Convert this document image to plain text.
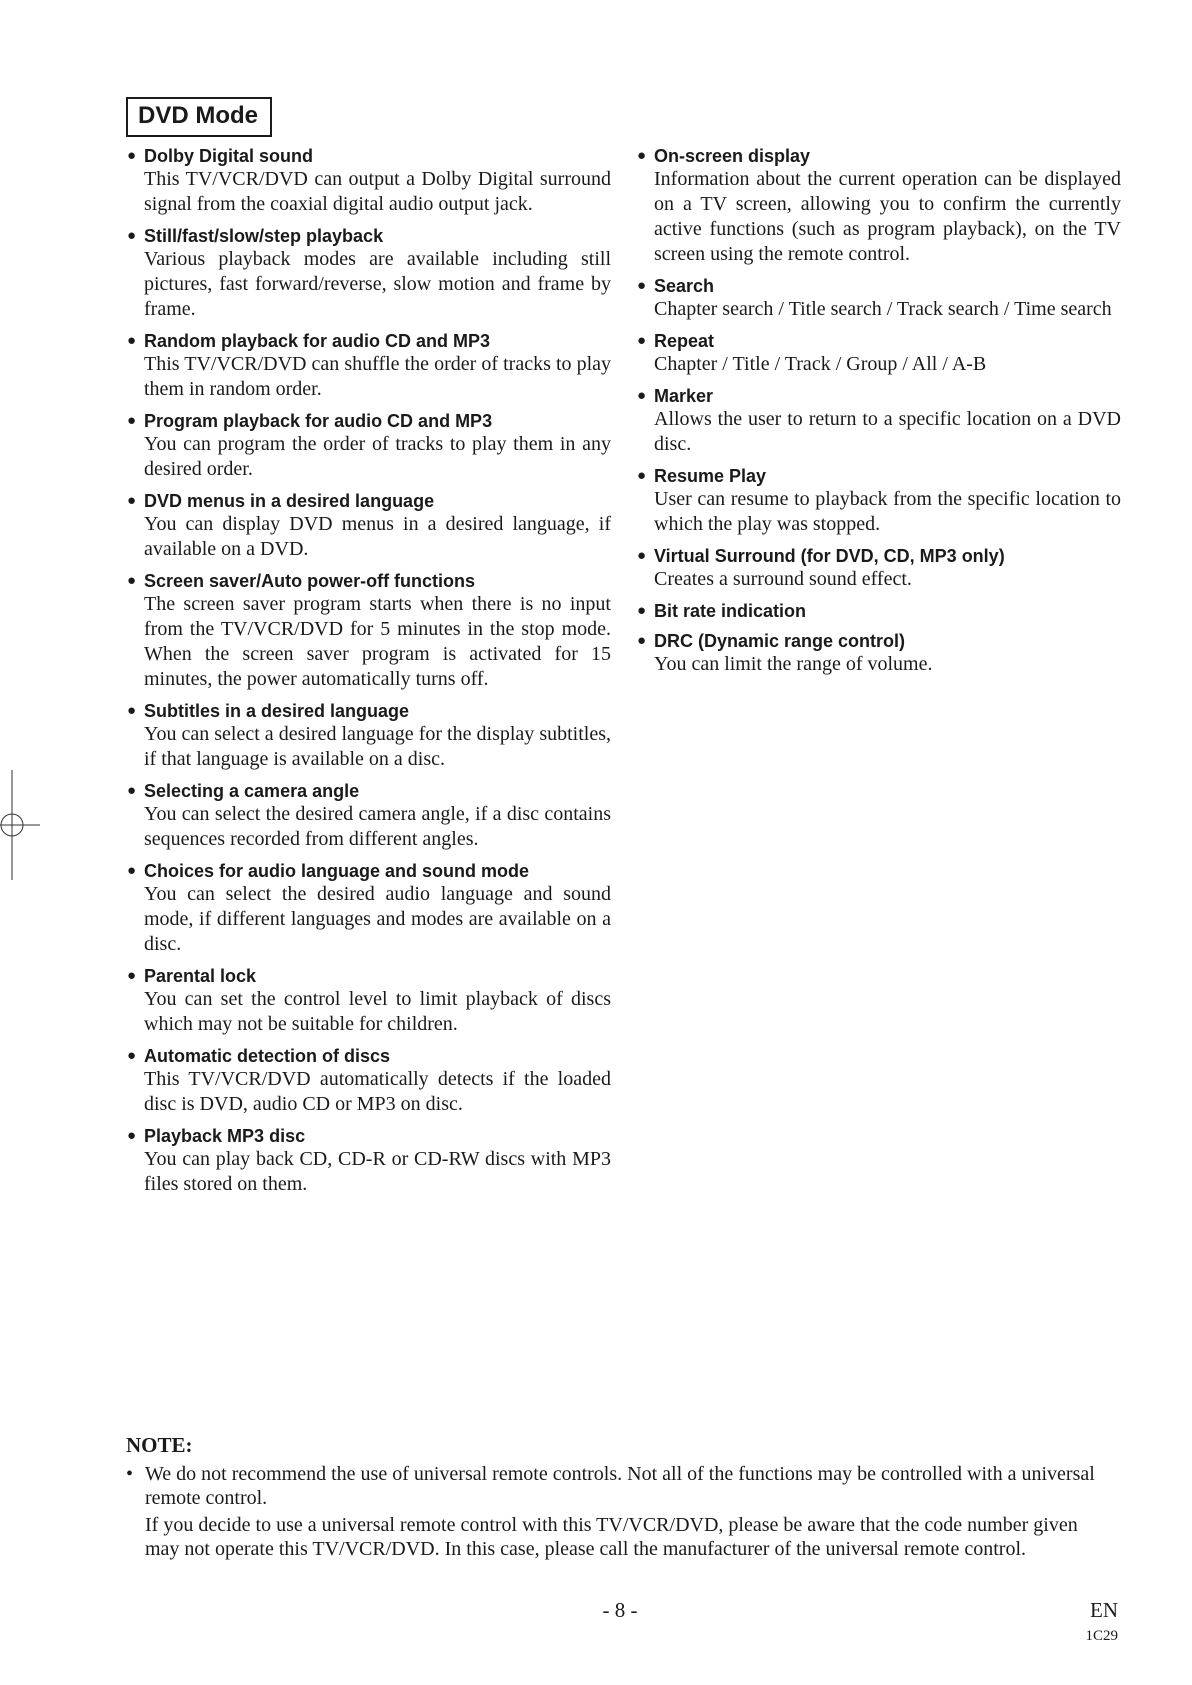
DVD Mode
● Dolby Digital sound
This TV/VCR/DVD can output a Dolby Digital surround signal from the coaxial digital audio output jack.
● Still/fast/slow/step playback
Various playback modes are available including still pictures, fast forward/reverse, slow motion and frame by frame.
● Random playback for audio CD and MP3
This TV/VCR/DVD can shuffle the order of tracks to play them in random order.
● Program playback for audio CD and MP3
You can program the order of tracks to play them in any desired order.
● DVD menus in a desired language
You can display DVD menus in a desired language, if available on a DVD.
● Screen saver/Auto power-off functions
The screen saver program starts when there is no input from the TV/VCR/DVD for 5 minutes in the stop mode. When the screen saver program is activated for 15 minutes, the power automatically turns off.
● Subtitles in a desired language
You can select a desired language for the display subtitles, if that language is available on a disc.
● Selecting a camera angle
You can select the desired camera angle, if a disc contains sequences recorded from different angles.
● Choices for audio language and sound mode
You can select the desired audio language and sound mode, if different languages and modes are available on a disc.
● Parental lock
You can set the control level to limit playback of discs which may not be suitable for children.
● Automatic detection of discs
This TV/VCR/DVD automatically detects if the loaded disc is DVD, audio CD or MP3 on disc.
● Playback MP3 disc
You can play back CD, CD-R or CD-RW discs with MP3 files stored on them.
● On-screen display
Information about the current operation can be displayed on a TV screen, allowing you to confirm the currently active functions (such as program playback), on the TV screen using the remote control.
● Search
Chapter search / Title search / Track search / Time search
● Repeat
Chapter / Title / Track / Group / All / A-B
● Marker
Allows the user to return to a specific location on a DVD disc.
● Resume Play
User can resume to playback from the specific location to which the play was stopped.
● Virtual Surround (for DVD, CD, MP3 only)
Creates a surround sound effect.
● Bit rate indication
● DRC (Dynamic range control)
You can limit the range of volume.
NOTE:
• We do not recommend the use of universal remote controls. Not all of the functions may be controlled with a universal remote control.
If you decide to use a universal remote control with this TV/VCR/DVD, please be aware that the code number given may not operate this TV/VCR/DVD. In this case, please call the manufacturer of the universal remote control.
- 8 -	EN
1C29
